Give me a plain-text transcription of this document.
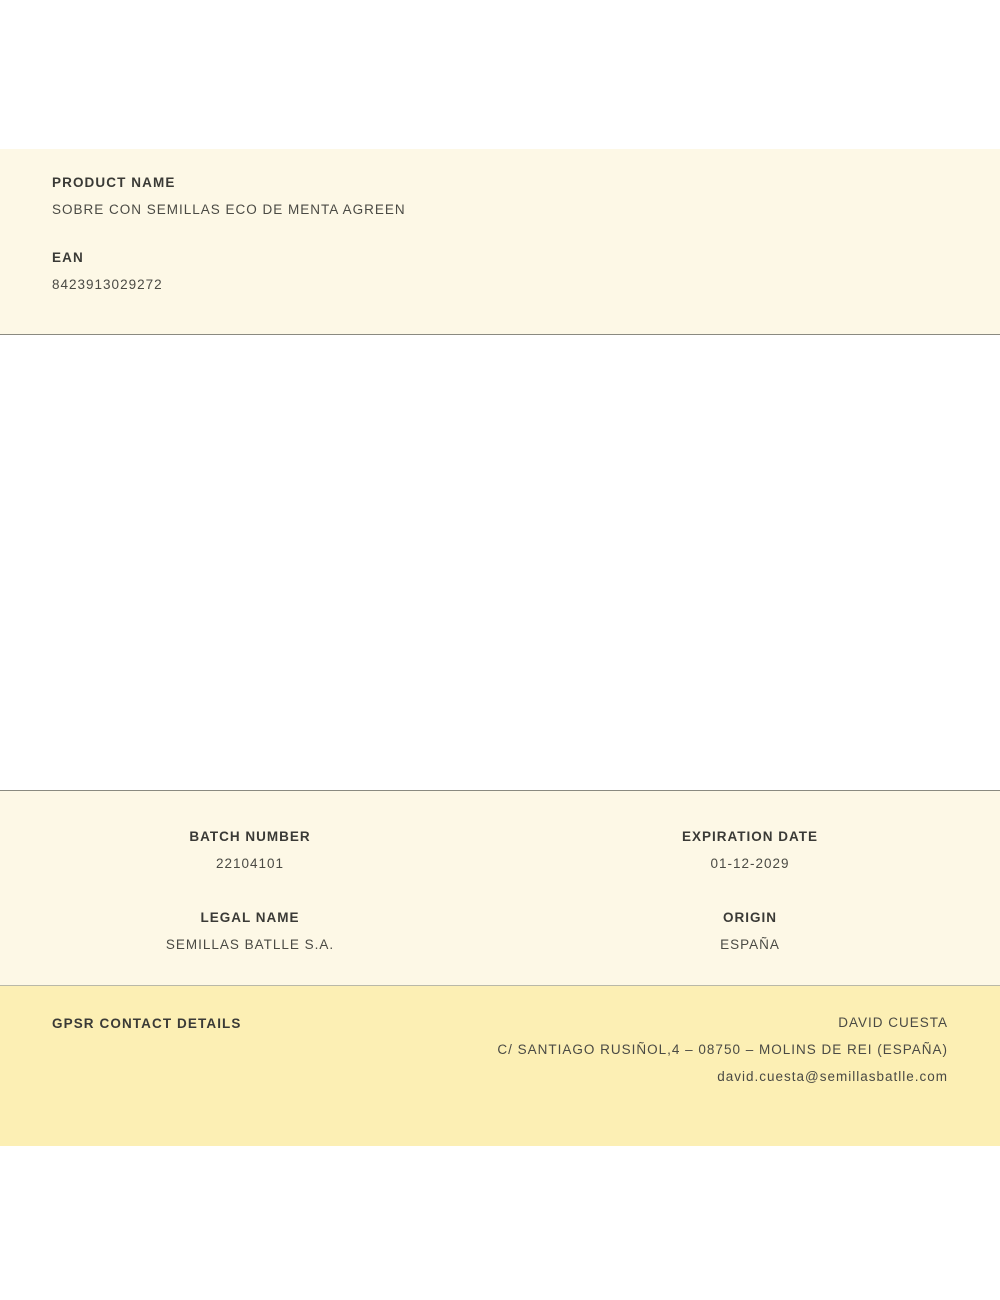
PRODUCT NAME

SOBRE CON SEMILLAS ECO DE MENTA AGREEN

EAN

8423913029272

BATCH NUMBER

22104101

EXPIRATION DATE

01-12-2029

LEGAL NAME

SEMILLAS BATLLE S.A.

ORIGIN

ESPAÑA

GPSR CONTACT DETAILS	DAVID CUESTA

C/ SANTIAGO RUSIÑOL,4 – 08750 – MOLINS DE REI (ESPAÑA)

david.cuesta@semillasbatlle.com
